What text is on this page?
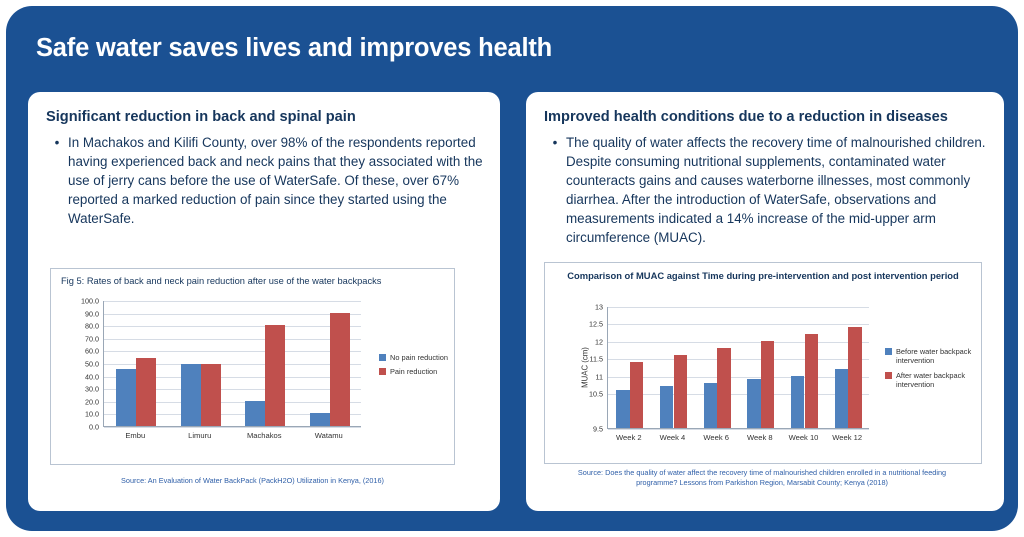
Safe water saves lives and improves health
Significant reduction in back and spinal pain
• In Machakos and Kilifi County, over 98% of the respondents reported having experienced back and neck pains that they associated with the use of jerry cans before the use of WaterSafe. Of these, over 67% reported a marked reduction of pain since they started using the WaterSafe.
Fig 5: Rates of back and neck pain reduction after use of the water backpacks
0.0
10.0
20.0
30.0
40.0
50.0
60.0
70.0
80.0
90.0
100.0
Embu	Limuru	Machakos	Watamu
No pain reduction
Pain reduction
Source: An Evaluation of Water BackPack (PackH2O) Utilization in Kenya, (2016)
Improved health conditions due to a reduction in diseases
• The quality of water affects the recovery time of malnourished children. Despite consuming nutritional supplements, contaminated water counteracts gains and causes waterborne illnesses, most commonly diarrhea. After the introduction of WaterSafe, observations and measurements indicated a 14% increase of the mid-upper arm circumference (MUAC).
Comparison of MUAC against Time during pre-intervention and post intervention period
MUAC (cm)
13
12.5
12
11.5
11
10.5
9.5
Week 2	Week 4	Week 6	Week 8	Week 10	Week 12
Before water backpack intervention
After water backpack intervention
Source: Does the quality of water affect the recovery time of malnourished children enrolled in a nutritional feeding programme? Lessons from Parkishon Region, Marsabit County; Kenya (2018)
